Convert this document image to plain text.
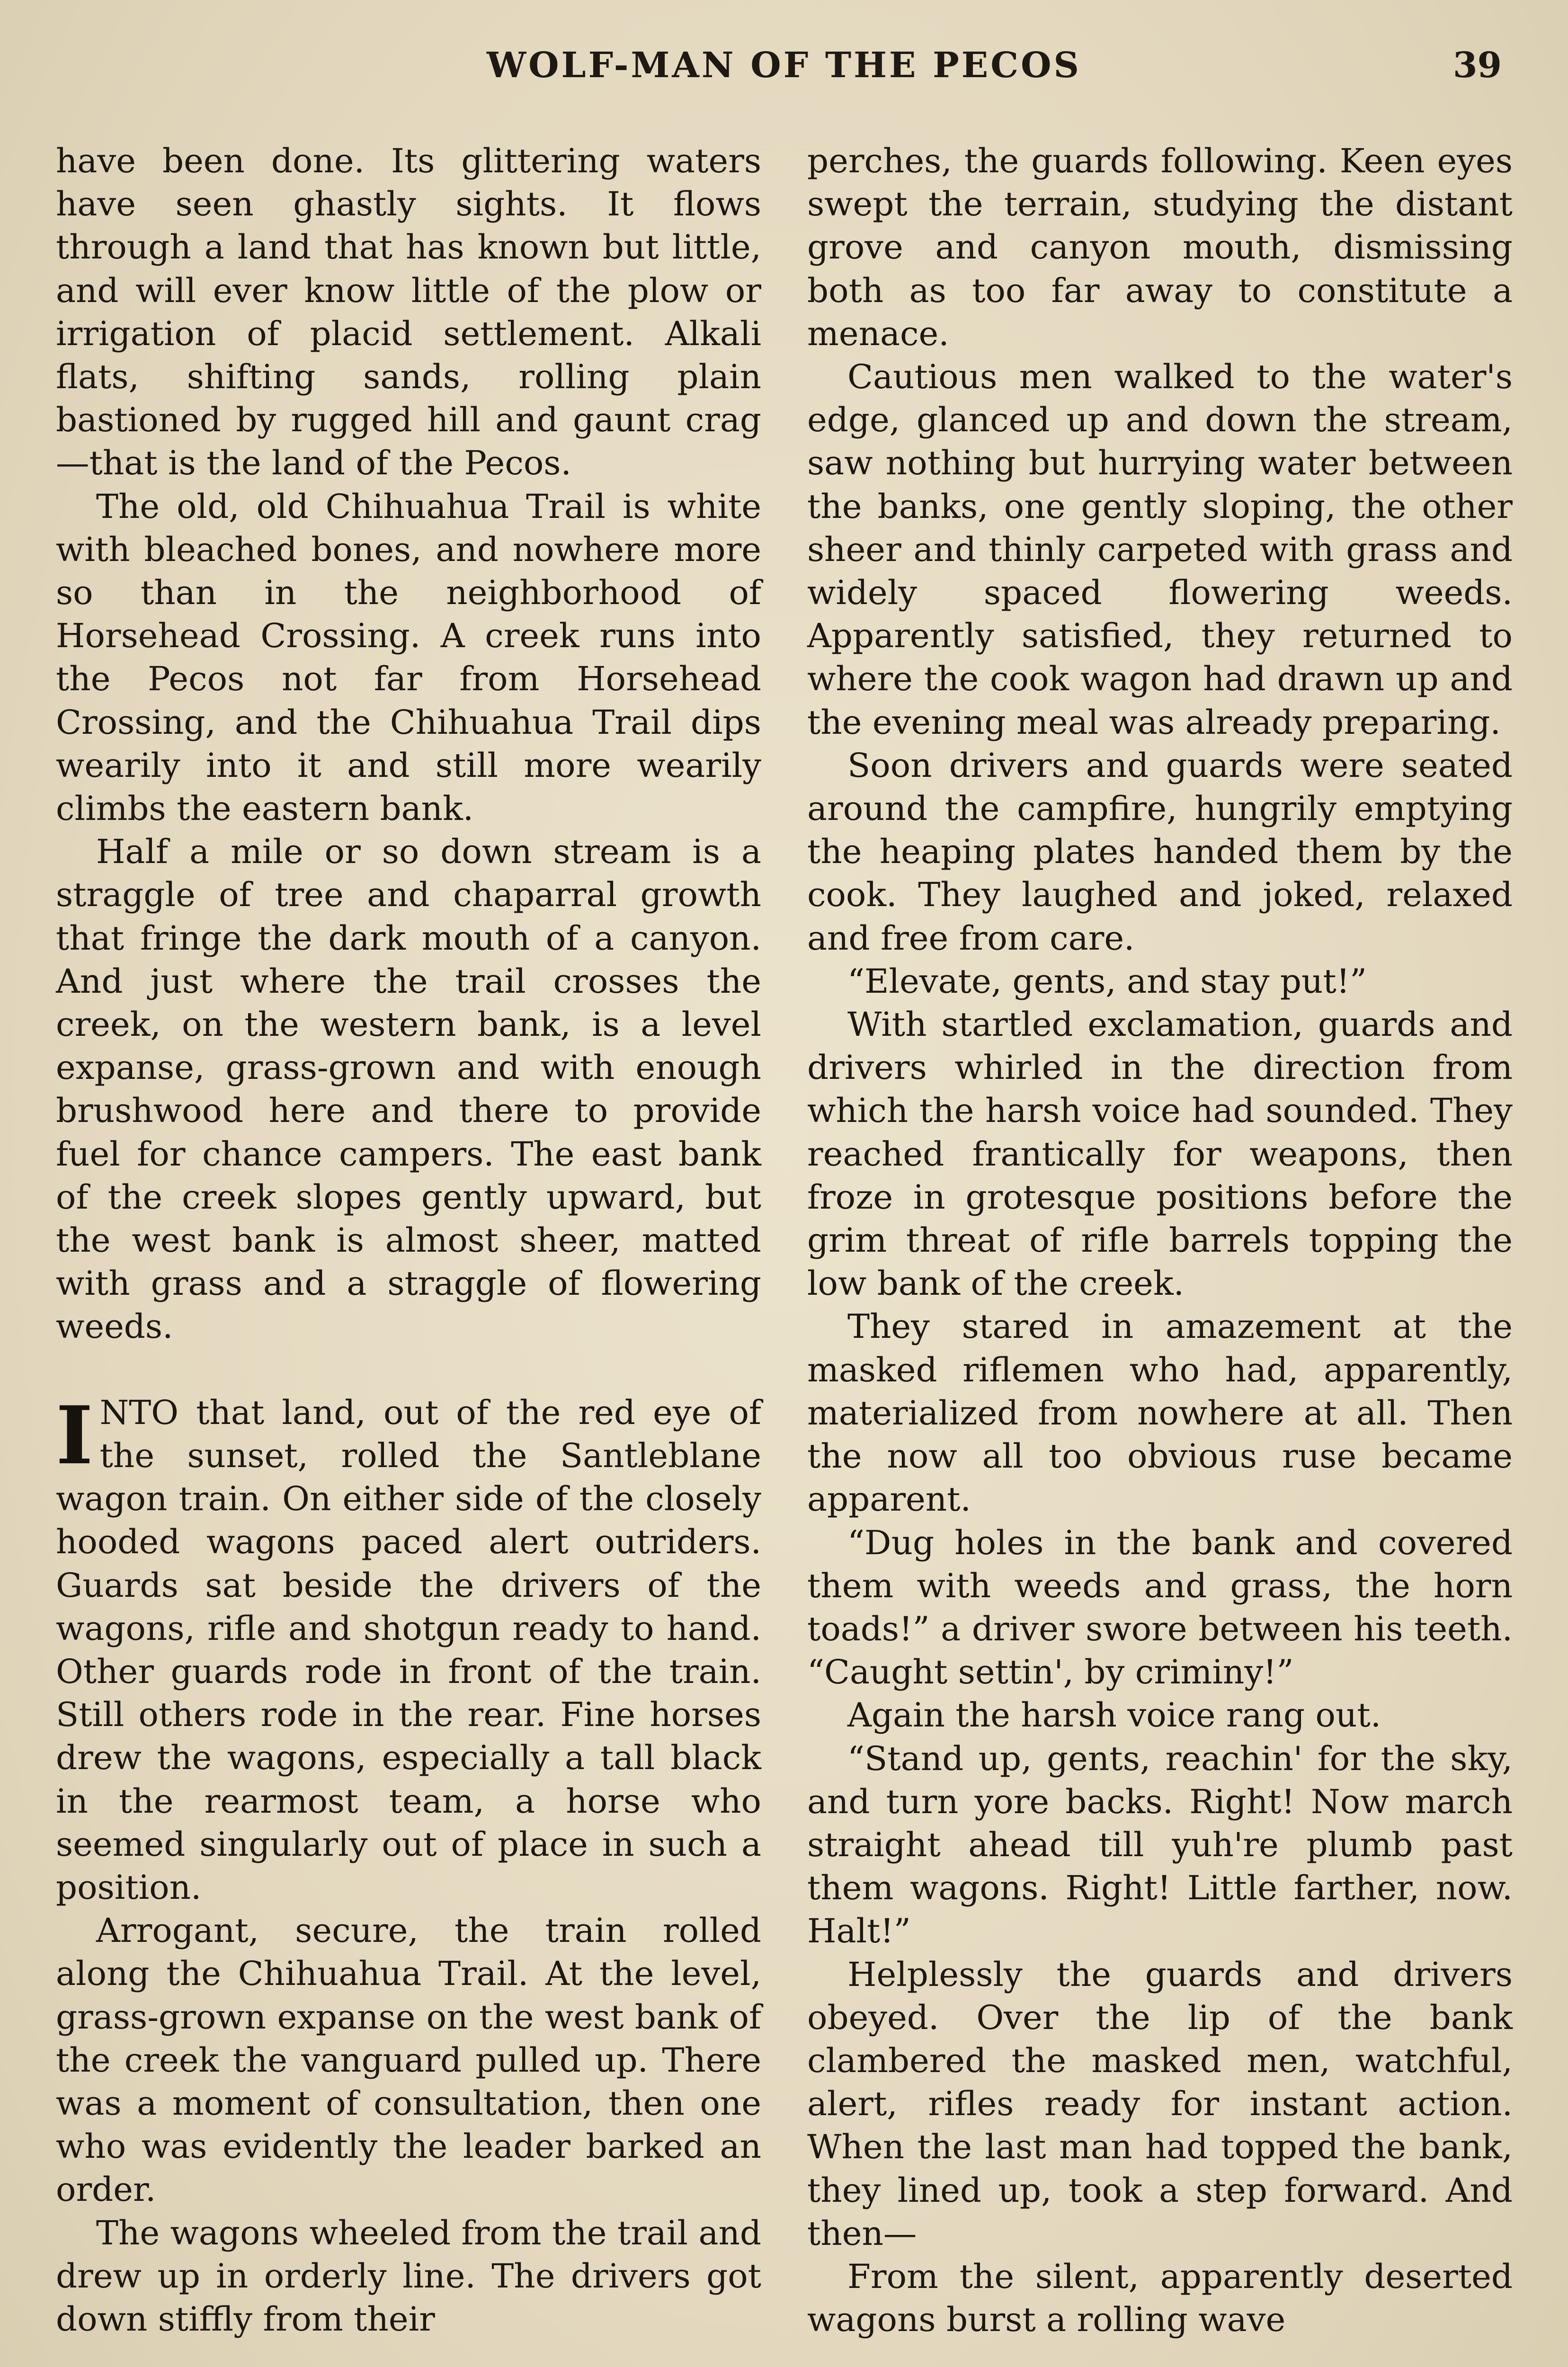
WOLF-MAN OF THE PECOS	39

have been done. Its glittering waters have seen ghastly sights. It flows through a land that has known but little, and will ever know little of the plow or irrigation of placid settlement. Alkali flats, shifting sands, rolling plain bastioned by rugged hill and gaunt crag—that is the land of the Pecos.

The old, old Chihuahua Trail is white with bleached bones, and nowhere more so than in the neighborhood of Horsehead Crossing. A creek runs into the Pecos not far from Horsehead Crossing, and the Chihuahua Trail dips wearily into it and still more wearily climbs the eastern bank.

Half a mile or so down stream is a straggle of tree and chaparral growth that fringe the dark mouth of a canyon. And just where the trail crosses the creek, on the western bank, is a level expanse, grass-grown and with enough brushwood here and there to provide fuel for chance campers. The east bank of the creek slopes gently upward, but the west bank is almost sheer, matted with grass and a straggle of flowering weeds.

INTO that land, out of the red eye of the sunset, rolled the Santleblane wagon train. On either side of the closely hooded wagons paced alert outriders. Guards sat beside the drivers of the wagons, rifle and shotgun ready to hand. Other guards rode in front of the train. Still others rode in the rear. Fine horses drew the wagons, especially a tall black in the rearmost team, a horse who seemed singularly out of place in such a position.

Arrogant, secure, the train rolled along the Chihuahua Trail. At the level, grass-grown expanse on the west bank of the creek the vanguard pulled up. There was a moment of consultation, then one who was evidently the leader barked an order.

The wagons wheeled from the trail and drew up in orderly line. The drivers got down stiffly from their

perches, the guards following. Keen eyes swept the terrain, studying the distant grove and canyon mouth, dismissing both as too far away to constitute a menace.

Cautious men walked to the water's edge, glanced up and down the stream, saw nothing but hurrying water between the banks, one gently sloping, the other sheer and thinly carpeted with grass and widely spaced flowering weeds. Apparently satisfied, they returned to where the cook wagon had drawn up and the evening meal was already preparing.

Soon drivers and guards were seated around the campfire, hungrily emptying the heaping plates handed them by the cook. They laughed and joked, relaxed and free from care.

“Elevate, gents, and stay put!”

With startled exclamation, guards and drivers whirled in the direction from which the harsh voice had sounded. They reached frantically for weapons, then froze in grotesque positions before the grim threat of rifle barrels topping the low bank of the creek.

They stared in amazement at the masked riflemen who had, apparently, materialized from nowhere at all. Then the now all too obvious ruse became apparent.

“Dug holes in the bank and covered them with weeds and grass, the horn toads!” a driver swore between his teeth. “Caught settin', by criminy!”

Again the harsh voice rang out.

“Stand up, gents, reachin' for the sky, and turn yore backs. Right! Now march straight ahead till yuh're plumb past them wagons. Right! Little farther, now. Halt!”

Helplessly the guards and drivers obeyed. Over the lip of the bank clambered the masked men, watchful, alert, rifles ready for instant action. When the last man had topped the bank, they lined up, took a step forward. And then—

From the silent, apparently deserted wagons burst a rolling wave
